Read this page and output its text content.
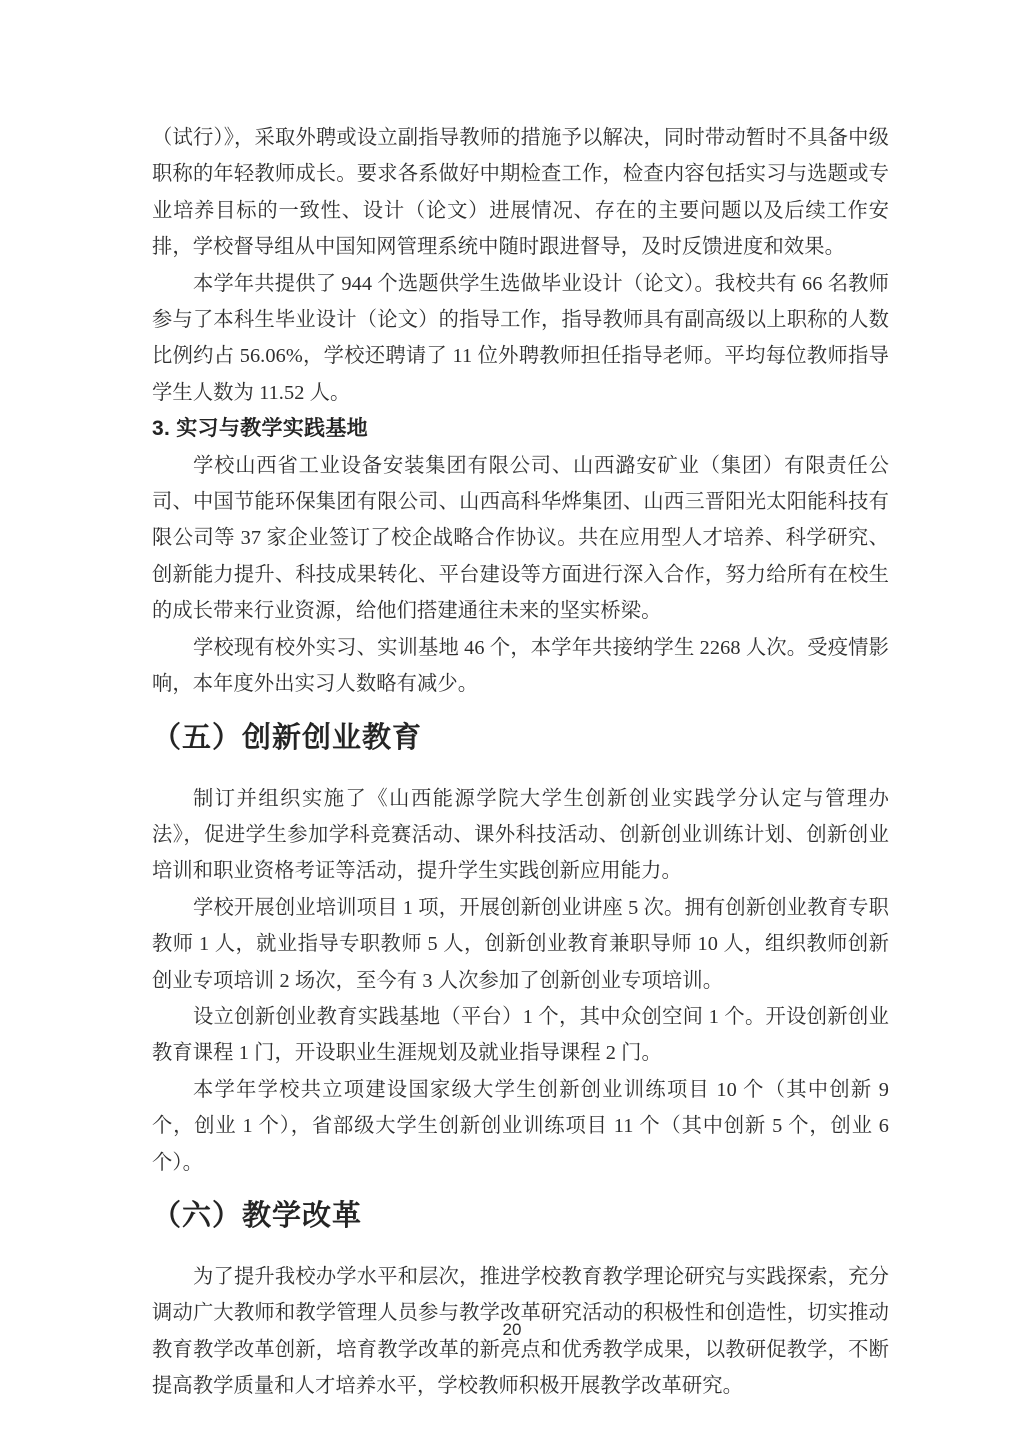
（试行）》，采取外聘或设立副指导教师的措施予以解决，同时带动暂时不具备中级职称的年轻教师成长。要求各系做好中期检查工作，检查内容包括实习与选题或专业培养目标的一致性、设计（论文）进展情况、存在的主要问题以及后续工作安排，学校督导组从中国知网管理系统中随时跟进督导，及时反馈进度和效果。

本学年共提供了 944 个选题供学生选做毕业设计（论文）。我校共有 66 名教师参与了本科生毕业设计（论文）的指导工作，指导教师具有副高级以上职称的人数比例约占 56.06%，学校还聘请了 11 位外聘教师担任指导老师。平均每位教师指导学生人数为 11.52 人。

3. 实习与教学实践基地

学校山西省工业设备安装集团有限公司、山西潞安矿业（集团）有限责任公司、中国节能环保集团有限公司、山西高科华烨集团、山西三晋阳光太阳能科技有限公司等 37 家企业签订了校企战略合作协议。共在应用型人才培养、科学研究、创新能力提升、科技成果转化、平台建设等方面进行深入合作，努力给所有在校生的成长带来行业资源，给他们搭建通往未来的坚实桥梁。

学校现有校外实习、实训基地 46 个，本学年共接纳学生 2268 人次。受疫情影响，本年度外出实习人数略有减少。

（五）创新创业教育

制订并组织实施了《山西能源学院大学生创新创业实践学分认定与管理办法》，促进学生参加学科竞赛活动、课外科技活动、创新创业训练计划、创新创业培训和职业资格考证等活动，提升学生实践创新应用能力。

学校开展创业培训项目 1 项，开展创新创业讲座 5 次。拥有创新创业教育专职教师 1 人，就业指导专职教师 5 人，创新创业教育兼职导师 10 人，组织教师创新创业专项培训 2 场次，至今有 3 人次参加了创新创业专项培训。

设立创新创业教育实践基地（平台）1 个，其中众创空间 1 个。开设创新创业教育课程 1 门，开设职业生涯规划及就业指导课程 2 门。

本学年学校共立项建设国家级大学生创新创业训练项目 10 个（其中创新 9 个，创业 1 个），省部级大学生创新创业训练项目 11 个（其中创新 5 个，创业 6 个）。

（六）教学改革

为了提升我校办学水平和层次，推进学校教育教学理论研究与实践探索，充分调动广大教师和教学管理人员参与教学改革研究活动的积极性和创造性，切实推动教育教学改革创新，培育教学改革的新亮点和优秀教学成果，以教研促教学，不断提高教学质量和人才培养水平，学校教师积极开展教学改革研究。

20
